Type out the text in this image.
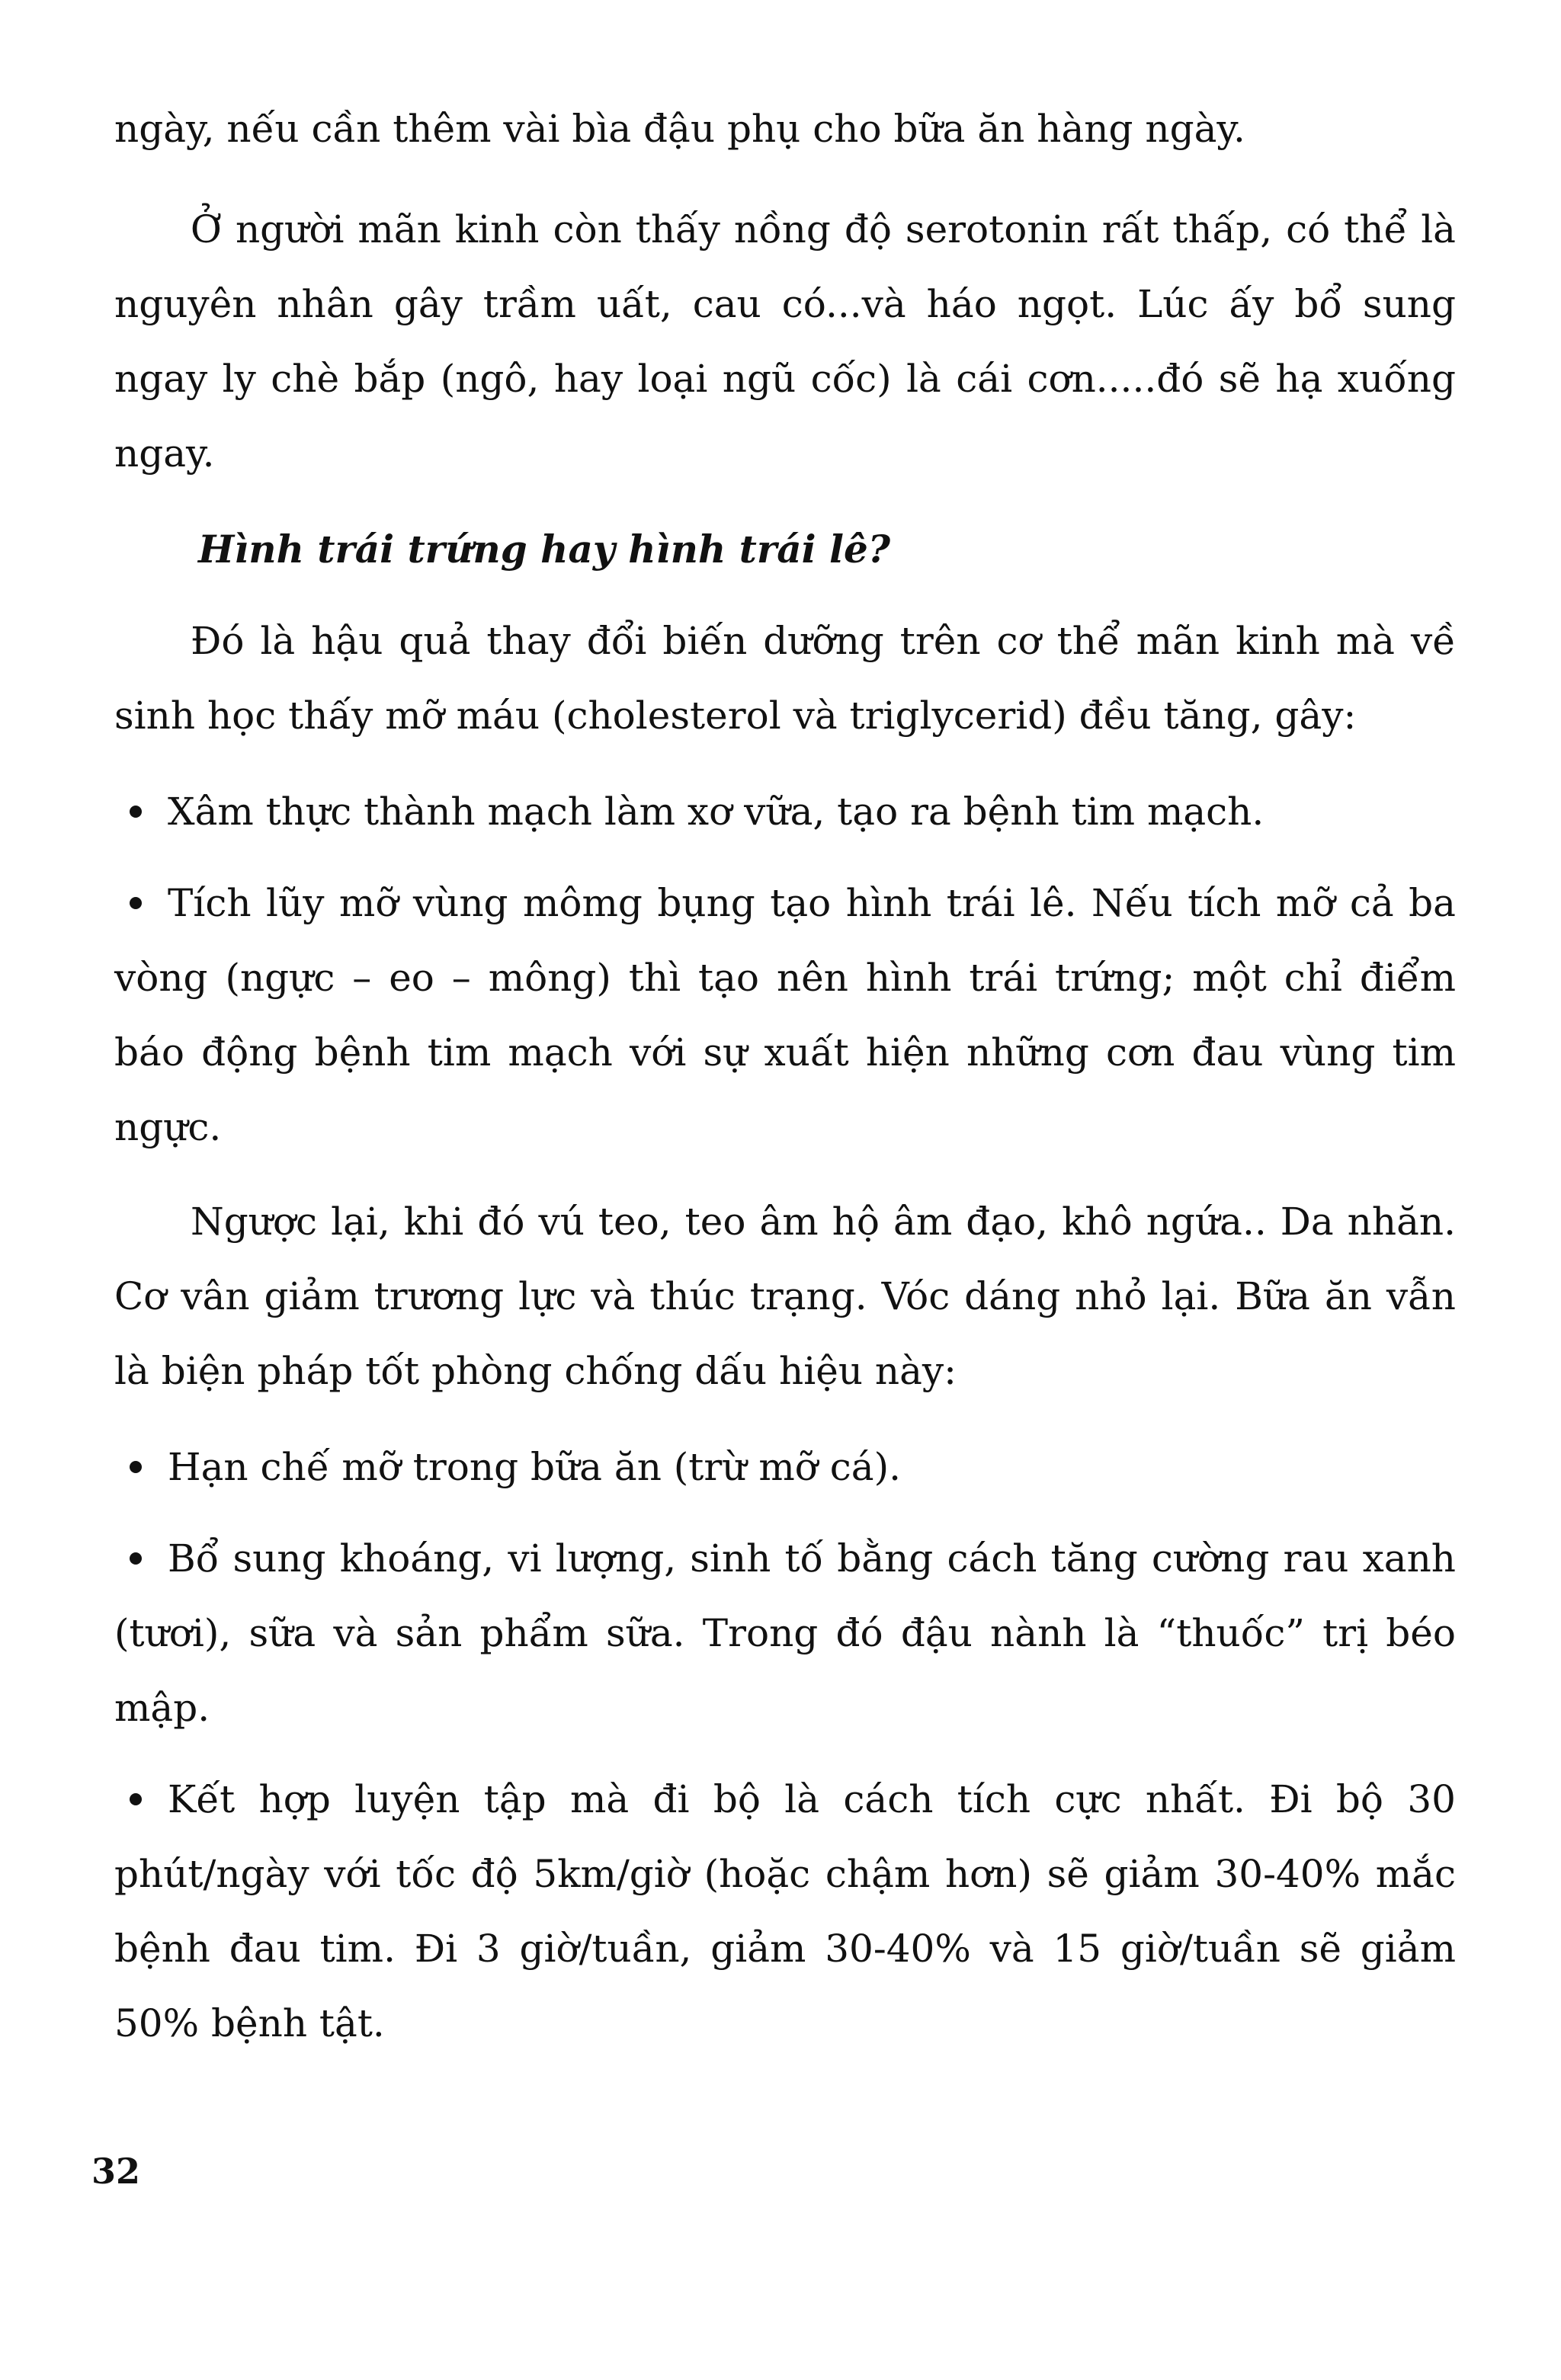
ngày, nếu cần thêm vài bìa đậu phụ cho bữa ăn hàng ngày.

Ở người mãn kinh còn thấy nồng độ serotonin rất thấp, có thể là nguyên nhân gây trầm uất, cau có...và háo ngọt. Lúc ấy bổ sung ngay ly chè bắp (ngô, hay loại ngũ cốc) là cái cơn.....đó sẽ hạ xuống ngay.

Hình trái trứng hay hình trái lê?

Đó là hậu quả thay đổi biến dưỡng trên cơ thể mãn kinh mà về sinh học thấy mỡ máu (cholesterol và triglycerid) đều tăng, gây:

Xâm thực thành mạch làm xơ vữa, tạo ra bệnh tim mạch.
Tích lũy mỡ vùng mômg bụng tạo hình trái lê. Nếu tích mỡ cả ba vòng (ngực – eo – mông) thì tạo nên hình trái trứng; một chỉ điểm báo động bệnh tim mạch với sự xuất hiện những cơn đau vùng tim ngực.

Ngược lại, khi đó vú teo, teo âm hộ âm đạo, khô ngứa.. Da nhăn. Cơ vân giảm trương lực và thúc trạng. Vóc dáng nhỏ lại. Bữa ăn vẫn là biện pháp tốt phòng chống dấu hiệu này:

Hạn chế mỡ trong bữa ăn (trừ mỡ cá).
Bổ sung khoáng, vi lượng, sinh tố bằng cách tăng cường rau xanh (tươi), sữa và sản phẩm sữa. Trong đó đậu nành là “thuốc” trị béo mập.
Kết hợp luyện tập mà đi bộ là cách tích cực nhất. Đi bộ 30 phút/ngày với tốc độ 5km/giờ (hoặc chậm hơn) sẽ giảm 30-40% mắc bệnh đau tim. Đi 3 giờ/tuần, giảm 30-40% và 15 giờ/tuần sẽ giảm 50% bệnh tật.
32
